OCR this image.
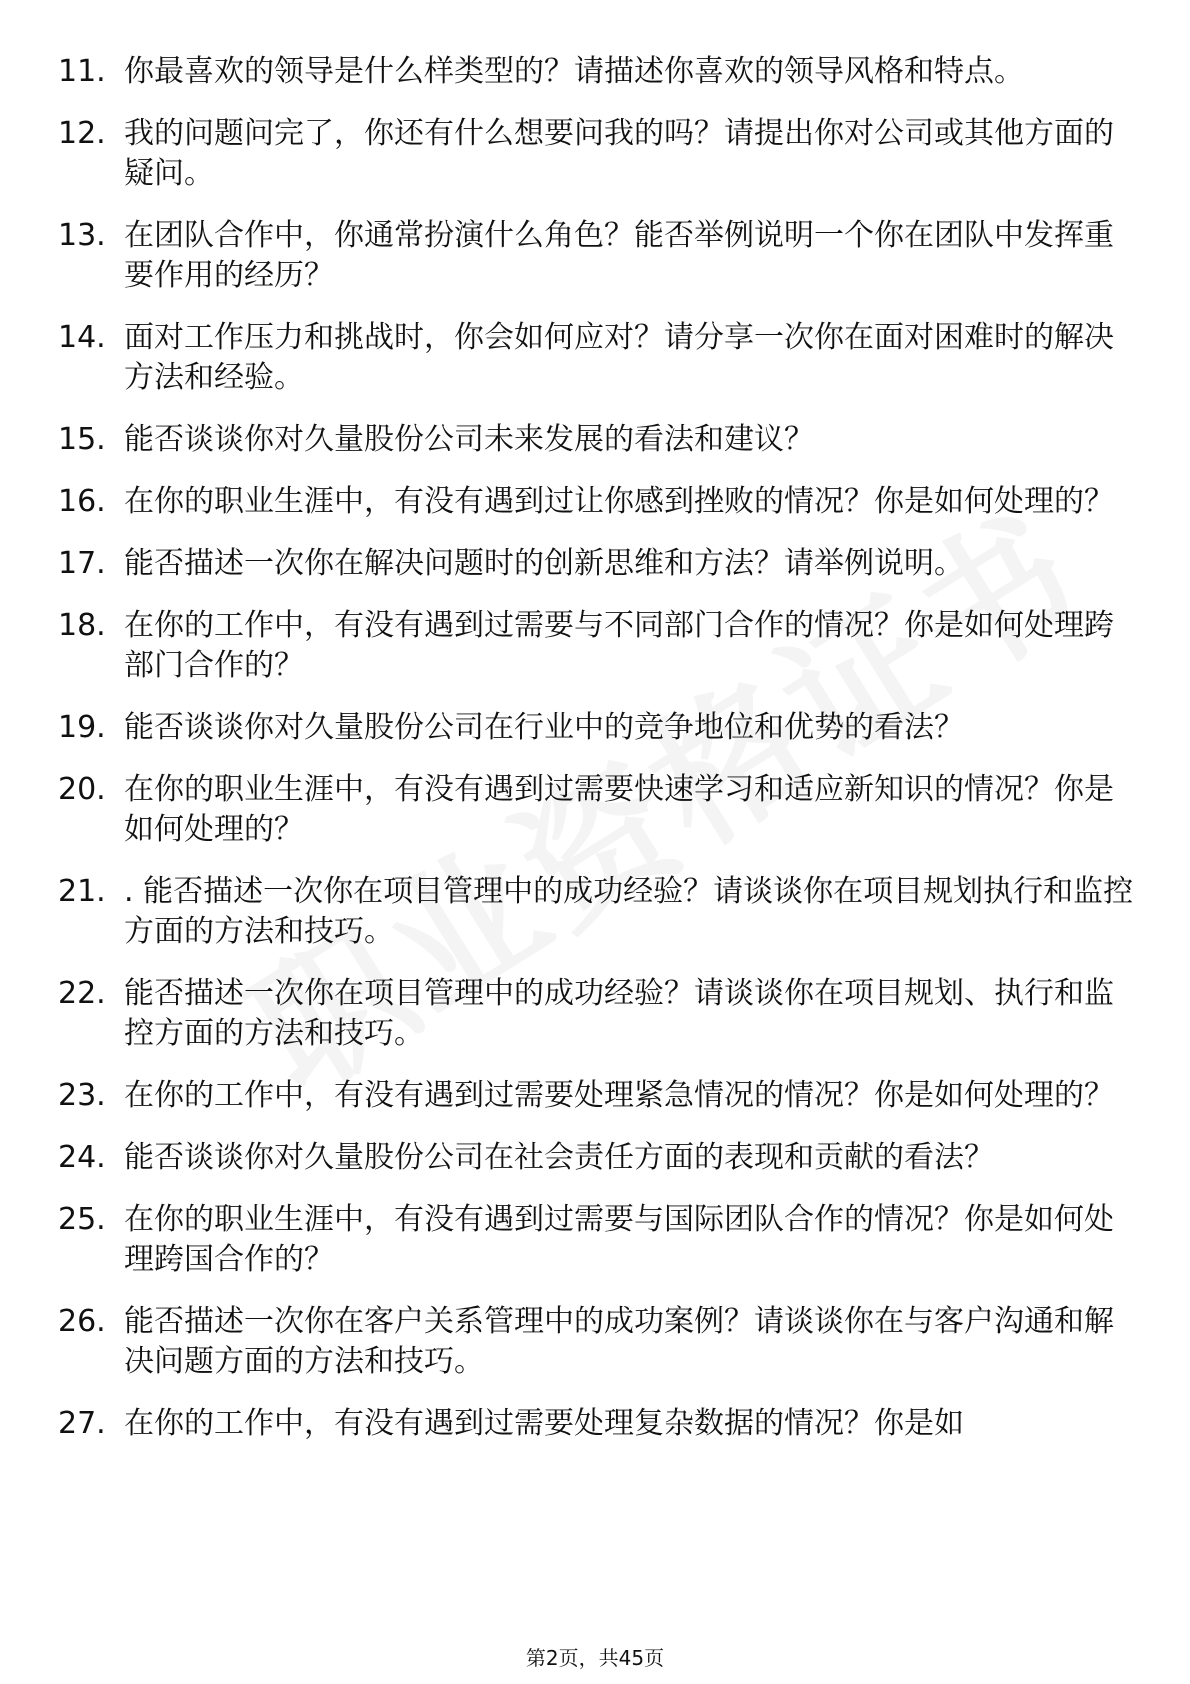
11. 你最喜欢的领导是什么样类型的？请描述你喜欢的领导风格和特点。
12. 我的问题问完了，你还有什么想要问我的吗？请提出你对公司或其他方面的疑问。
13. 在团队合作中，你通常扮演什么角色？能否举例说明一个你在团队中发挥重要作用的经历？
14. 面对工作压力和挑战时，你会如何应对？请分享一次你在面对困难时的解决方法和经验。
15. 能否谈谈你对久量股份公司未来发展的看法和建议？
16. 在你的职业生涯中，有没有遇到过让你感到挫败的情况？你是如何处理的？
17. 能否描述一次你在解决问题时的创新思维和方法？请举例说明。
18. 在你的工作中，有没有遇到过需要与不同部门合作的情况？你是如何处理跨部门合作的？
19. 能否谈谈你对久量股份公司在行业中的竞争地位和优势的看法？
20. 在你的职业生涯中，有没有遇到过需要快速学习和适应新知识的情况？你是如何处理的？
21. . 能否描述一次你在项目管理中的成功经验？请谈谈你在项目规划执行和监控方面的方法和技巧。
22. 能否描述一次你在项目管理中的成功经验？请谈谈你在项目规划、执行和监控方面的方法和技巧。
23. 在你的工作中，有没有遇到过需要处理紧急情况的情况？你是如何处理的？
24. 能否谈谈你对久量股份公司在社会责任方面的表现和贡献的看法？
25. 在你的职业生涯中，有没有遇到过需要与国际团队合作的情况？你是如何处理跨国合作的？
26. 能否描述一次你在客户关系管理中的成功案例？请谈谈你在与客户沟通和解决问题方面的方法和技巧。
27. 在你的工作中，有没有遇到过需要处理复杂数据的情况？你是如
第2页，共45页
